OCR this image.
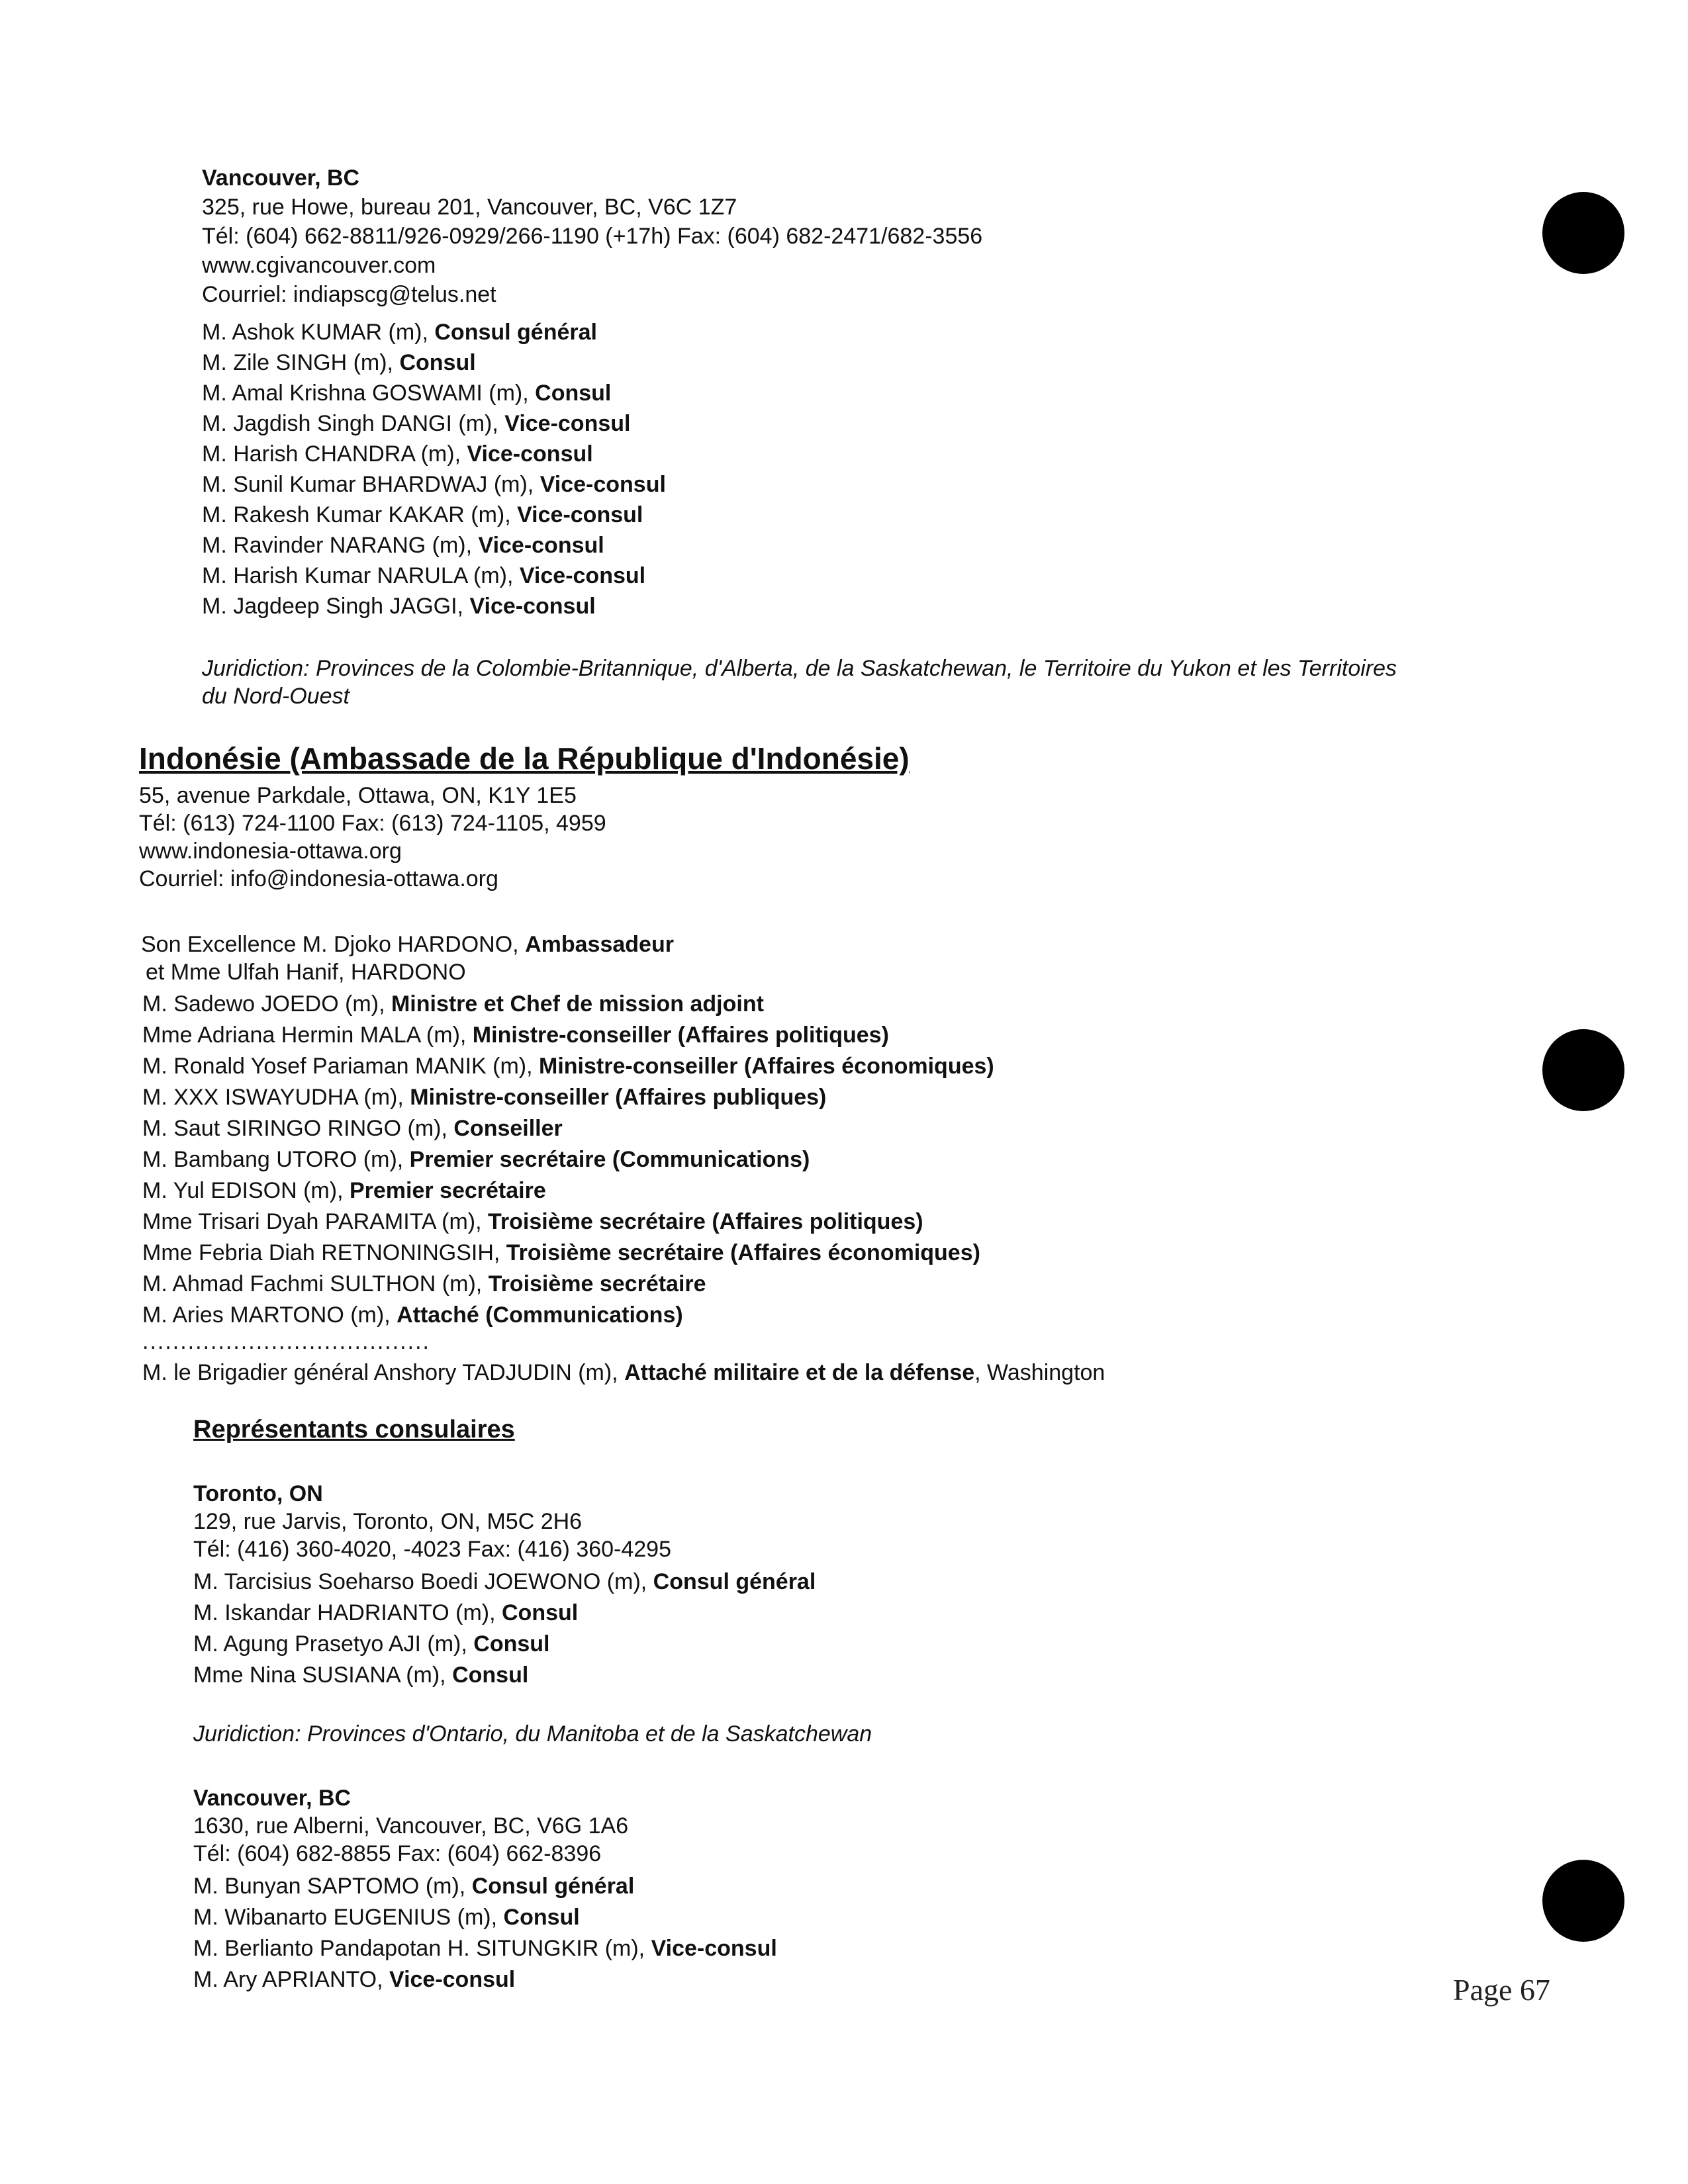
Vancouver, BC
325, rue Howe, bureau 201, Vancouver, BC, V6C 1Z7
Tél: (604) 662-8811/926-0929/266-1190 (+17h) Fax: (604) 682-2471/682-3556
www.cgivancouver.com
Courriel: indiapscg@telus.net
M. Ashok KUMAR (m), Consul général
M. Zile SINGH (m), Consul
M. Amal Krishna GOSWAMI (m), Consul
M. Jagdish Singh DANGI (m), Vice-consul
M. Harish CHANDRA (m), Vice-consul
M. Sunil Kumar BHARDWAJ (m), Vice-consul
M. Rakesh Kumar KAKAR (m), Vice-consul
M. Ravinder NARANG (m), Vice-consul
M. Harish Kumar NARULA (m), Vice-consul
M. Jagdeep Singh JAGGI, Vice-consul
Juridiction: Provinces de la Colombie-Britannique, d'Alberta, de la Saskatchewan, le Territoire du Yukon et les Territoires
du Nord-Ouest
Indonésie (Ambassade de la République d'Indonésie)
55, avenue Parkdale, Ottawa, ON, K1Y 1E5
Tél: (613) 724-1100 Fax: (613) 724-1105, 4959
www.indonesia-ottawa.org
Courriel: info@indonesia-ottawa.org
Son Excellence M. Djoko HARDONO, Ambassadeur
et Mme Ulfah Hanif, HARDONO
M. Sadewo JOEDO (m), Ministre et Chef de mission adjoint
Mme Adriana Hermin MALA (m), Ministre-conseiller (Affaires politiques)
M. Ronald Yosef Pariaman MANIK (m), Ministre-conseiller (Affaires économiques)
M. XXX ISWAYUDHA (m), Ministre-conseiller (Affaires publiques)
M. Saut SIRINGO RINGO (m), Conseiller
M. Bambang UTORO (m), Premier secrétaire (Communications)
M. Yul EDISON (m), Premier secrétaire
Mme Trisari Dyah PARAMITA (m), Troisième secrétaire (Affaires politiques)
Mme Febria Diah RETNONINGSIH, Troisième secrétaire (Affaires économiques)
M. Ahmad Fachmi SULTHON (m), Troisième secrétaire
M. Aries MARTONO (m), Attaché (Communications)
......................................
M. le Brigadier général Anshory TADJUDIN (m), Attaché militaire et de la défense, Washington
Représentants consulaires
Toronto, ON
129, rue Jarvis, Toronto, ON, M5C 2H6
Tél: (416) 360-4020, -4023 Fax: (416) 360-4295
M. Tarcisius Soeharso Boedi JOEWONO (m), Consul général
M. Iskandar HADRIANTO (m), Consul
M. Agung Prasetyo AJI (m), Consul
Mme Nina SUSIANA (m), Consul
Juridiction: Provinces d'Ontario, du Manitoba et de la Saskatchewan
Vancouver, BC
1630, rue Alberni, Vancouver, BC, V6G 1A6
Tél: (604) 682-8855 Fax: (604) 662-8396
M. Bunyan SAPTOMO (m), Consul général
M. Wibanarto EUGENIUS (m), Consul
M. Berlianto Pandapotan H. SITUNGKIR (m), Vice-consul
M. Ary APRIANTO, Vice-consul	Page 67
